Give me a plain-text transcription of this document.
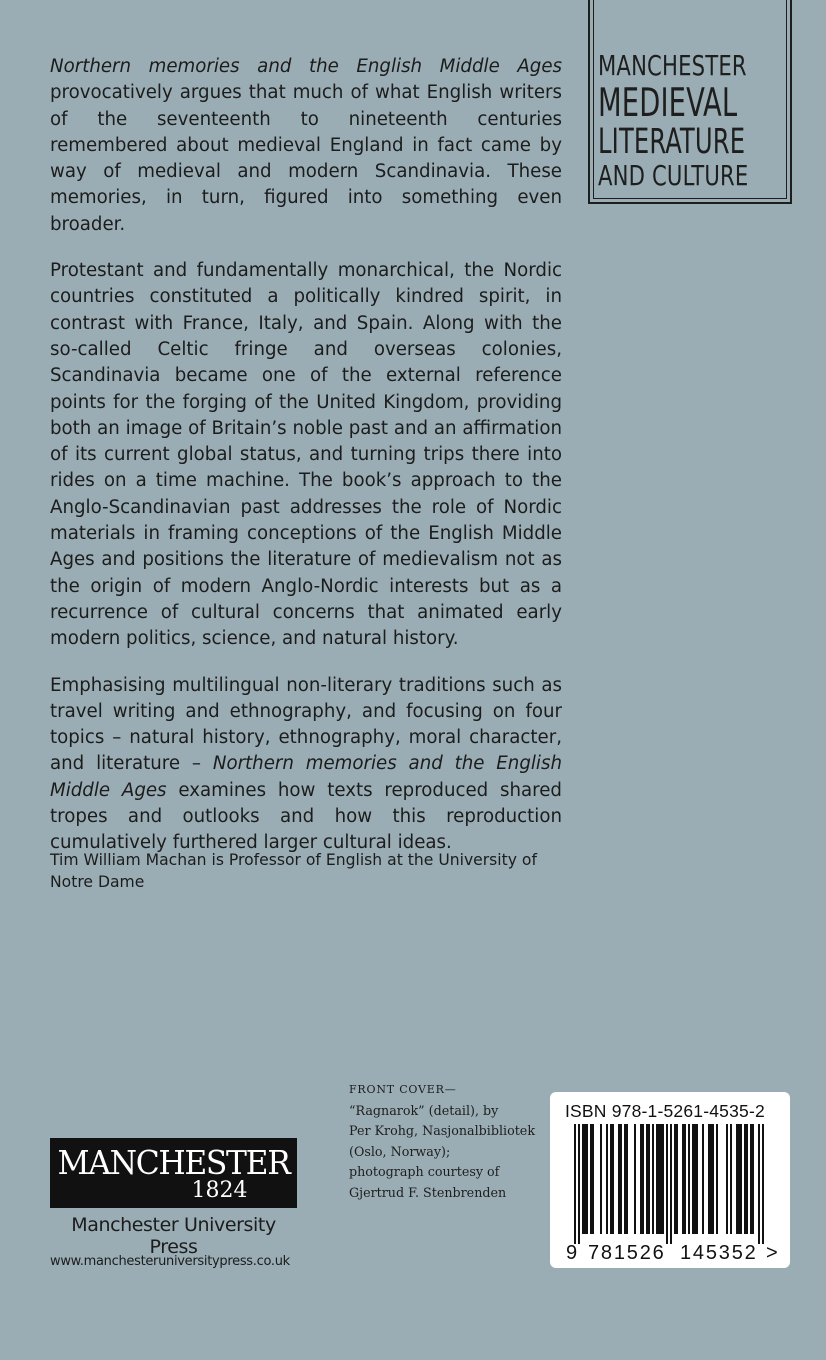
MANCHESTER
MEDIEVAL
LITERATURE
AND CULTURE

Northern memories and the English Middle Ages provocatively argues that much of what English writers of the seventeenth to nineteenth centuries remembered about medieval England in fact came by way of medieval and modern Scandinavia. These memories, in turn, figured into something even broader.

Protestant and fundamentally monarchical, the Nordic countries constituted a politically kindred spirit, in contrast with France, Italy, and Spain. Along with the so-called Celtic fringe and overseas colonies, Scandinavia became one of the external reference points for the forging of the United Kingdom, providing both an image of Britain’s noble past and an affirmation of its current global status, and turning trips there into rides on a time machine. The book’s approach to the Anglo-Scandinavian past addresses the role of Nordic materials in framing conceptions of the English Middle Ages and positions the literature of medievalism not as the origin of modern Anglo-Nordic interests but as a recurrence of cultural concerns that animated early modern politics, science, and natural history.

Emphasising multilingual non-literary traditions such as travel writing and ethnography, and focusing on four topics – natural history, ethnography, moral character, and literature – Northern memories and the English Middle Ages examines how texts reproduced shared tropes and outlooks and how this reproduction cumulatively furthered larger cultural ideas.

Tim William Machan is Professor of English at the University of Notre Dame
FRONT COVER—
“Ragnarok” (detail), by
Per Krohg, Nasjonalbibliotek
(Oslo, Norway);
photograph courtesy of
Gjertrud F. Stenbrenden
MANCHESTER
1824
Manchester University Press
www.manchesteruniversitypress.co.uk
ISBN 978-1-5261-4535-2
9 781526 145352 >
